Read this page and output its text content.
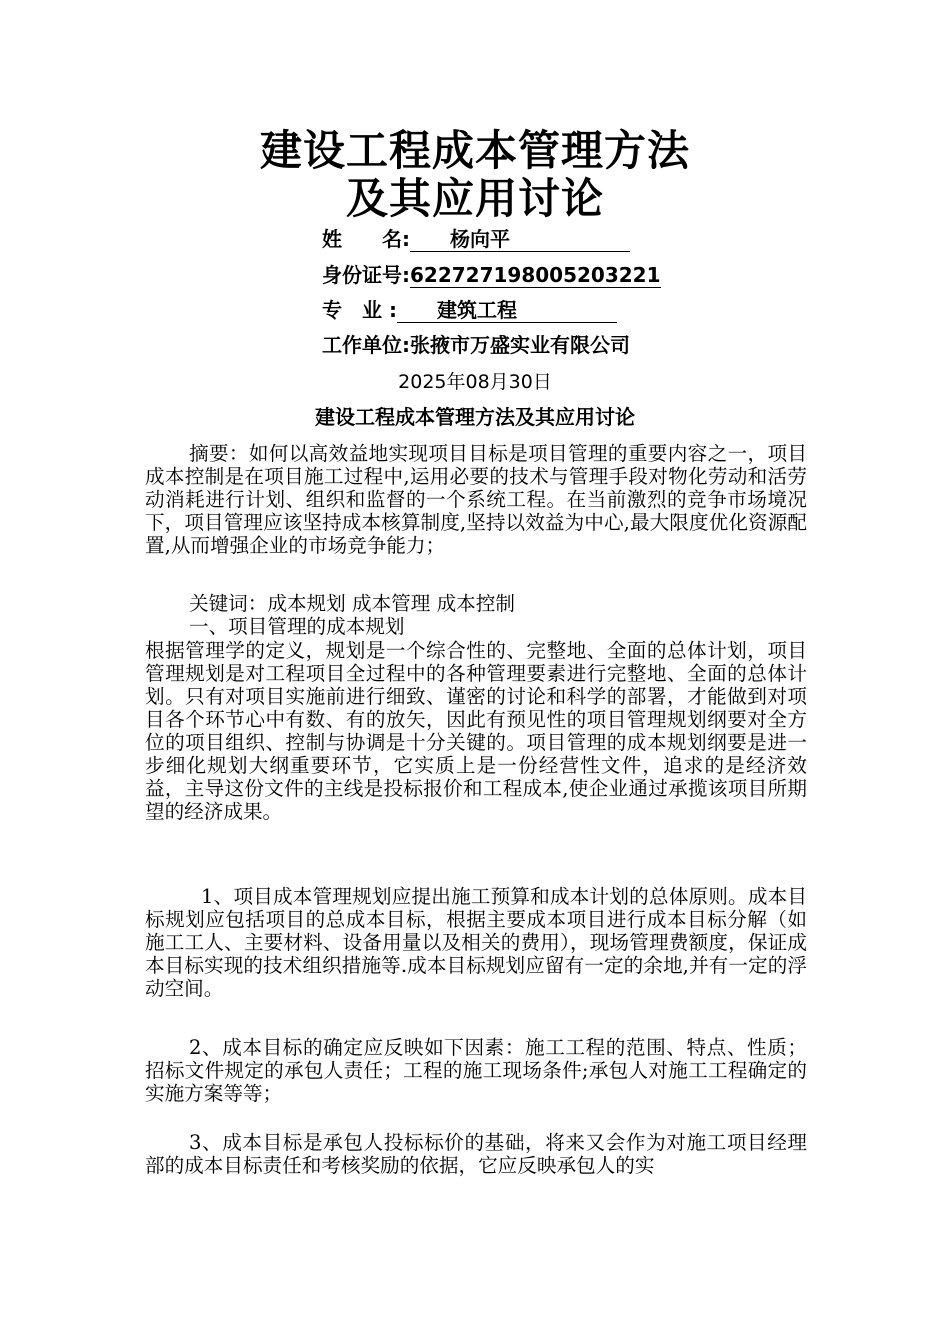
建设工程成本管理方法
及其应用讨论
姓　　名:　　杨向平　　　　　　
身份证号:622727198005203221
专　业 :　　建筑工程　　　　　
工作单位:张掖市万盛实业有限公司
2025年08月30日
建设工程成本管理方法及其应用讨论

摘要：如何以高效益地实现项目目标是项目管理的重要内容之一，项目成本控制是在项目施工过程中,运用必要的技术与管理手段对物化劳动和活劳动消耗进行计划、组织和监督的一个系统工程。在当前激烈的竞争市场境况下，项目管理应该坚持成本核算制度,坚持以效益为中心,最大限度优化资源配置,从而增强企业的市场竞争能力；

关键词：成本规划 成本管理 成本控制

一、项目管理的成本规划

根据管理学的定义，规划是一个综合性的、完整地、全面的总体计划，项目管理规划是对工程项目全过程中的各种管理要素进行完整地、全面的总体计划。只有对项目实施前进行细致、谨密的讨论和科学的部署，才能做到对项目各个环节心中有数、有的放矢，因此有预见性的项目管理规划纲要对全方位的项目组织、控制与协调是十分关键的。项目管理的成本规划纲要是进一步细化规划大纲重要环节，它实质上是一份经营性文件，追求的是经济效益，主导这份文件的主线是投标报价和工程成本,使企业通过承揽该项目所期望的经济成果。

1、项目成本管理规划应提出施工预算和成本计划的总体原则。成本目标规划应包括项目的总成本目标，根据主要成本项目进行成本目标分解（如施工工人、主要材料、设备用量以及相关的费用），现场管理费额度，保证成本目标实现的技术组织措施等.成本目标规划应留有一定的余地,并有一定的浮动空间。

2、成本目标的确定应反映如下因素：施工工程的范围、特点、性质；招标文件规定的承包人责任；工程的施工现场条件;承包人对施工工程确定的实施方案等等；

3、成本目标是承包人投标标价的基础，将来又会作为对施工项目经理部的成本目标责任和考核奖励的依据，它应反映承包人的实
